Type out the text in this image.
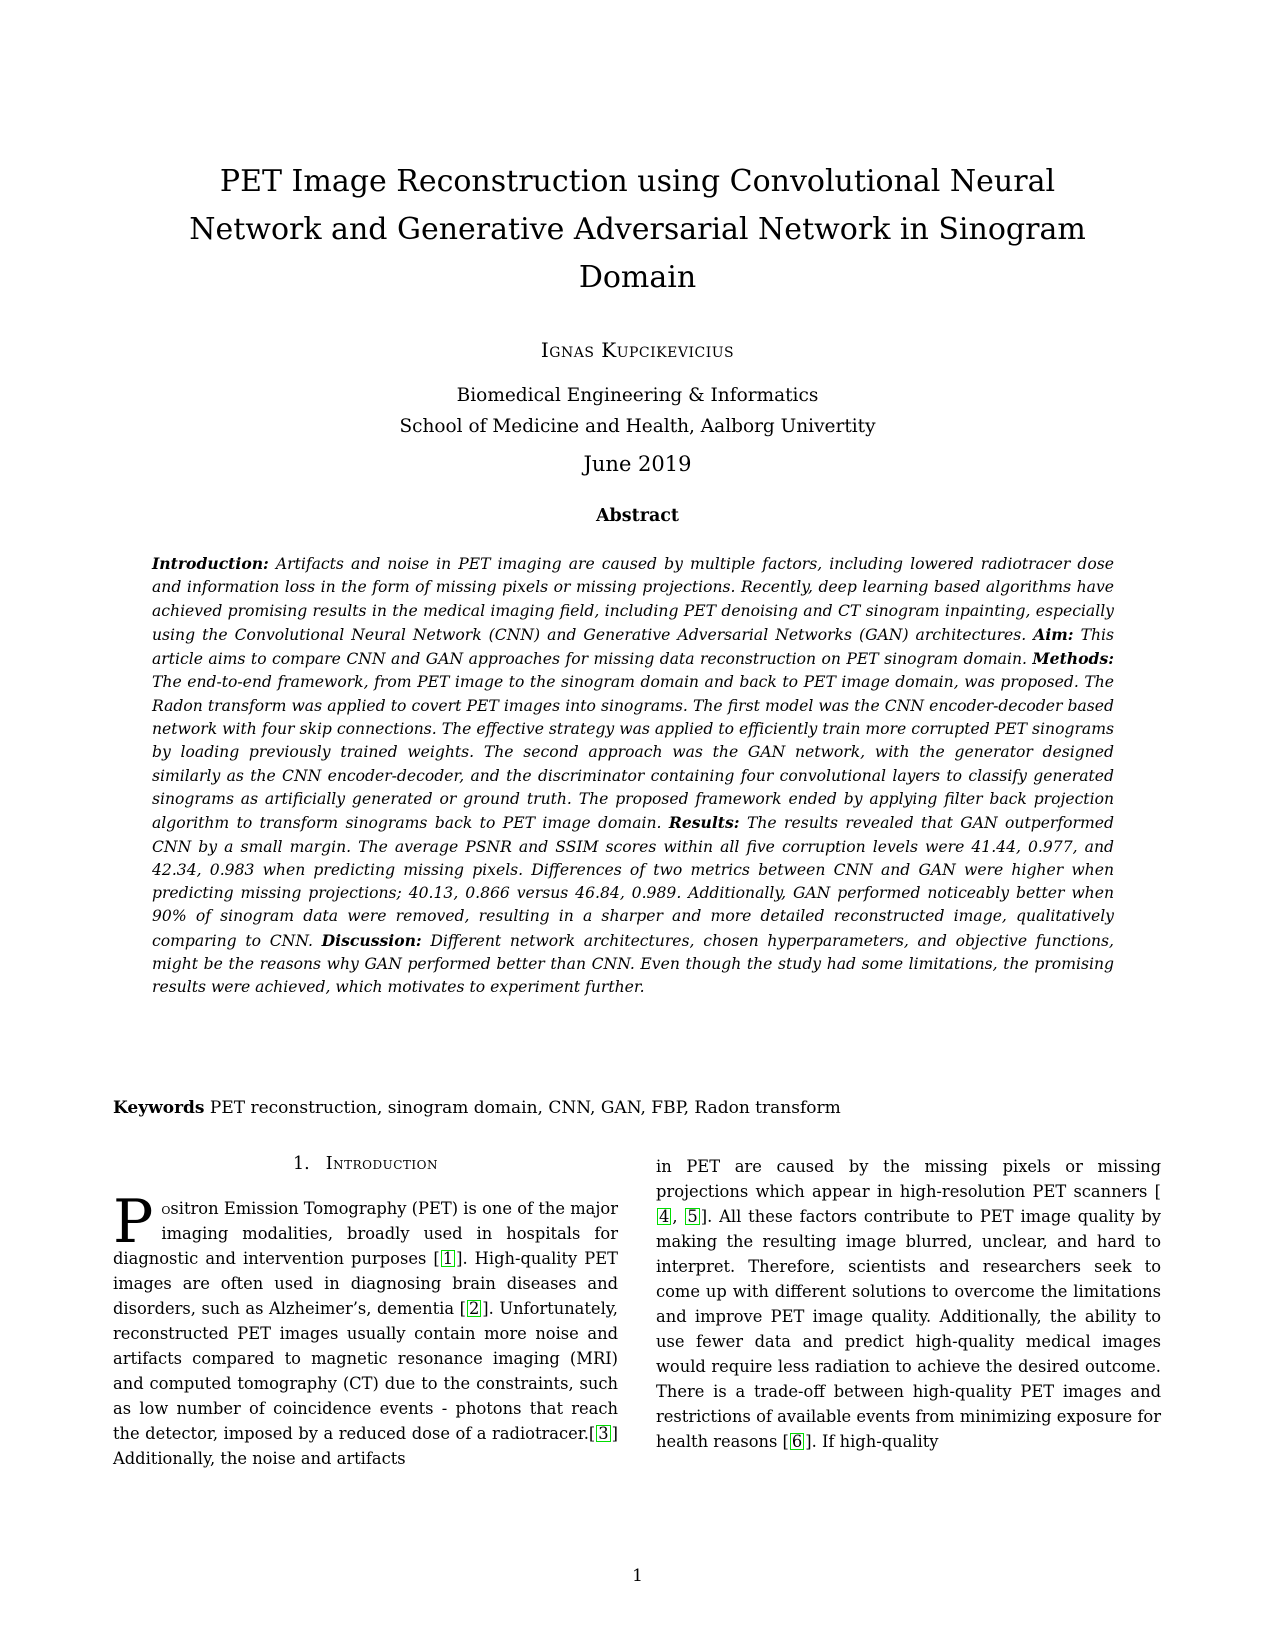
PET Image Reconstruction using Convolutional Neural
Network and Generative Adversarial Network in Sinogram
Domain
Ignas Kupcikevicius
Biomedical Engineering & Informatics
School of Medicine and Health, Aalborg Univertity
June 2019
Abstract
Introduction: Artifacts and noise in PET imaging are caused by multiple factors, including lowered radiotracer dose and information loss in the form of missing pixels or missing projections. Recently, deep learning based algorithms have achieved promising results in the medical imaging field, including PET denoising and CT sinogram inpainting, especially using the Convolutional Neural Network (CNN) and Generative Adversarial Networks (GAN) architectures. Aim: This article aims to compare CNN and GAN approaches for missing data reconstruction on PET sinogram domain. Methods: The end-to-end framework, from PET image to the sinogram domain and back to PET image domain, was proposed. The Radon transform was applied to covert PET images into sinograms. The first model was the CNN encoder-decoder based network with four skip connections. The effective strategy was applied to efficiently train more corrupted PET sinograms by loading previously trained weights. The second approach was the GAN network, with the generator designed similarly as the CNN encoder-decoder, and the discriminator containing four convolutional layers to classify generated sinograms as artificially generated or ground truth. The proposed framework ended by applying filter back projection algorithm to transform sinograms back to PET image domain. Results: The results revealed that GAN outperformed CNN by a small margin. The average PSNR and SSIM scores within all five corruption levels were 41.44, 0.977, and 42.34, 0.983 when predicting missing pixels. Differences of two metrics between CNN and GAN were higher when predicting missing projections; 40.13, 0.866 versus 46.84, 0.989. Additionally, GAN performed noticeably better when 90% of sinogram data were removed, resulting in a sharper and more detailed reconstructed image, qualitatively comparing to CNN. Discussion: Different network architectures, chosen hyperparameters, and objective functions, might be the reasons why GAN performed better than CNN. Even though the study had some limitations, the promising results were achieved, which motivates to experiment further.
Keywords PET reconstruction, sinogram domain, CNN, GAN, FBP, Radon transform
1. Introduction
Positron Emission Tomography (PET) is one of the major imaging modalities, broadly used in hospitals for diagnostic and intervention purposes [ 1 ]. High-quality PET images are often used in diagnosing brain diseases and disorders, such as Alzheimer’s, dementia [ 2 ]. Unfortunately, reconstructed PET images usually contain more noise and artifacts compared to magnetic resonance imaging (MRI) and computed tomography (CT) due to the constraints, such as low number of coincidence events - photons that reach the detector, imposed by a reduced dose of a radiotracer.[ 3 ] Additionally, the noise and artifacts
in PET are caused by the missing pixels or missing projections which appear in high-resolution PET scanners [4 , 5 ]. All these factors contribute to PET image quality by making the resulting image blurred, unclear, and hard to interpret. Therefore, scientists and researchers seek to come up with different solutions to overcome the limitations and improve PET image quality. Additionally, the ability to use fewer data and predict high-quality medical images would require less radiation to achieve the desired outcome. There is a trade-off between high-quality PET images and restrictions of available events from minimizing exposure for health reasons [ 6 ]. If high-quality
1
